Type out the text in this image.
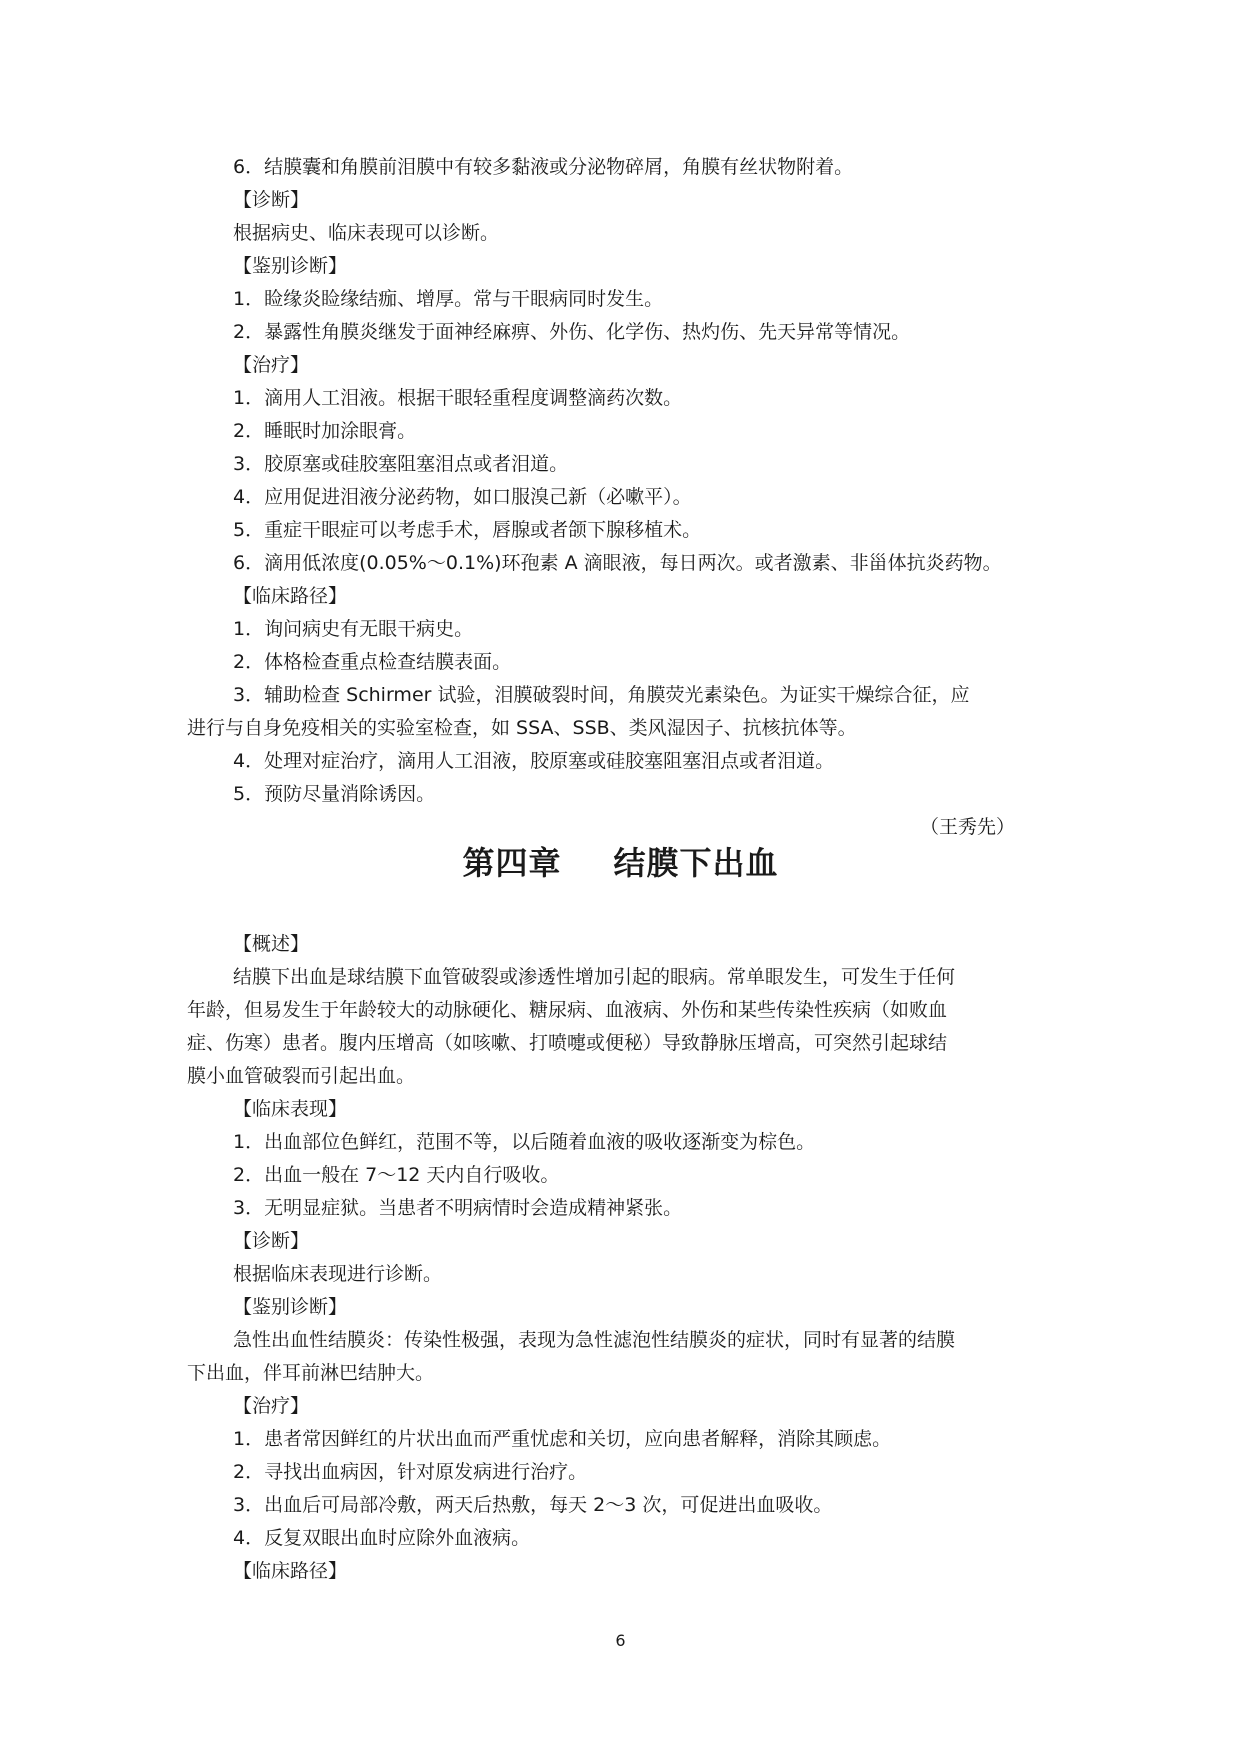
6．结膜囊和角膜前泪膜中有较多黏液或分泌物碎屑，角膜有丝状物附着。

【诊断】

根据病史、临床表现可以诊断。

【鉴别诊断】

1．睑缘炎睑缘结痂、增厚。常与干眼病同时发生。

2．暴露性角膜炎继发于面神经麻痹、外伤、化学伤、热灼伤、先天异常等情况。

【治疗】

1．滴用人工泪液。根据干眼轻重程度调整滴药次数。

2．睡眠时加涂眼膏。

3．胶原塞或硅胶塞阻塞泪点或者泪道。

4．应用促进泪液分泌药物，如口服溴己新（必嗽平）。

5．重症干眼症可以考虑手术，唇腺或者颌下腺移植术。

6．滴用低浓度(0.05%～0.1%)环孢素 A 滴眼液，每日两次。或者激素、非甾体抗炎药物。

【临床路径】

1．询问病史有无眼干病史。

2．体格检查重点检查结膜表面。

3．辅助检查 Schirmer 试验，泪膜破裂时间，角膜荧光素染色。为证实干燥综合征，应

进行与自身免疫相关的实验室检查，如 SSA、SSB、类风湿因子、抗核抗体等。

4．处理对症治疗，滴用人工泪液，胶原塞或硅胶塞阻塞泪点或者泪道。

5．预防尽量消除诱因。

（王秀先）

第四章 结膜下出血

【概述】

结膜下出血是球结膜下血管破裂或渗透性增加引起的眼病。常单眼发生，可发生于任何

年龄，但易发生于年龄较大的动脉硬化、糖尿病、血液病、外伤和某些传染性疾病（如败血

症、伤寒）患者。腹内压增高（如咳嗽、打喷嚏或便秘）导致静脉压增高，可突然引起球结

膜小血管破裂而引起出血。

【临床表现】

1．出血部位色鲜红，范围不等，以后随着血液的吸收逐渐变为棕色。

2．出血一般在 7～12 天内自行吸收。

3．无明显症狱。当患者不明病情时会造成精神紧张。

【诊断】

根据临床表现进行诊断。

【鉴别诊断】

急性出血性结膜炎：传染性极强，表现为急性滤泡性结膜炎的症状，同时有显著的结膜

下出血，伴耳前淋巴结肿大。

【治疗】

1．患者常因鲜红的片状出血而严重忧虑和关切，应向患者解释，消除其顾虑。

2．寻找出血病因，针对原发病进行治疗。

3．出血后可局部冷敷，两天后热敷，每天 2～3 次，可促进出血吸收。

4．反复双眼出血时应除外血液病。

【临床路径】

6
